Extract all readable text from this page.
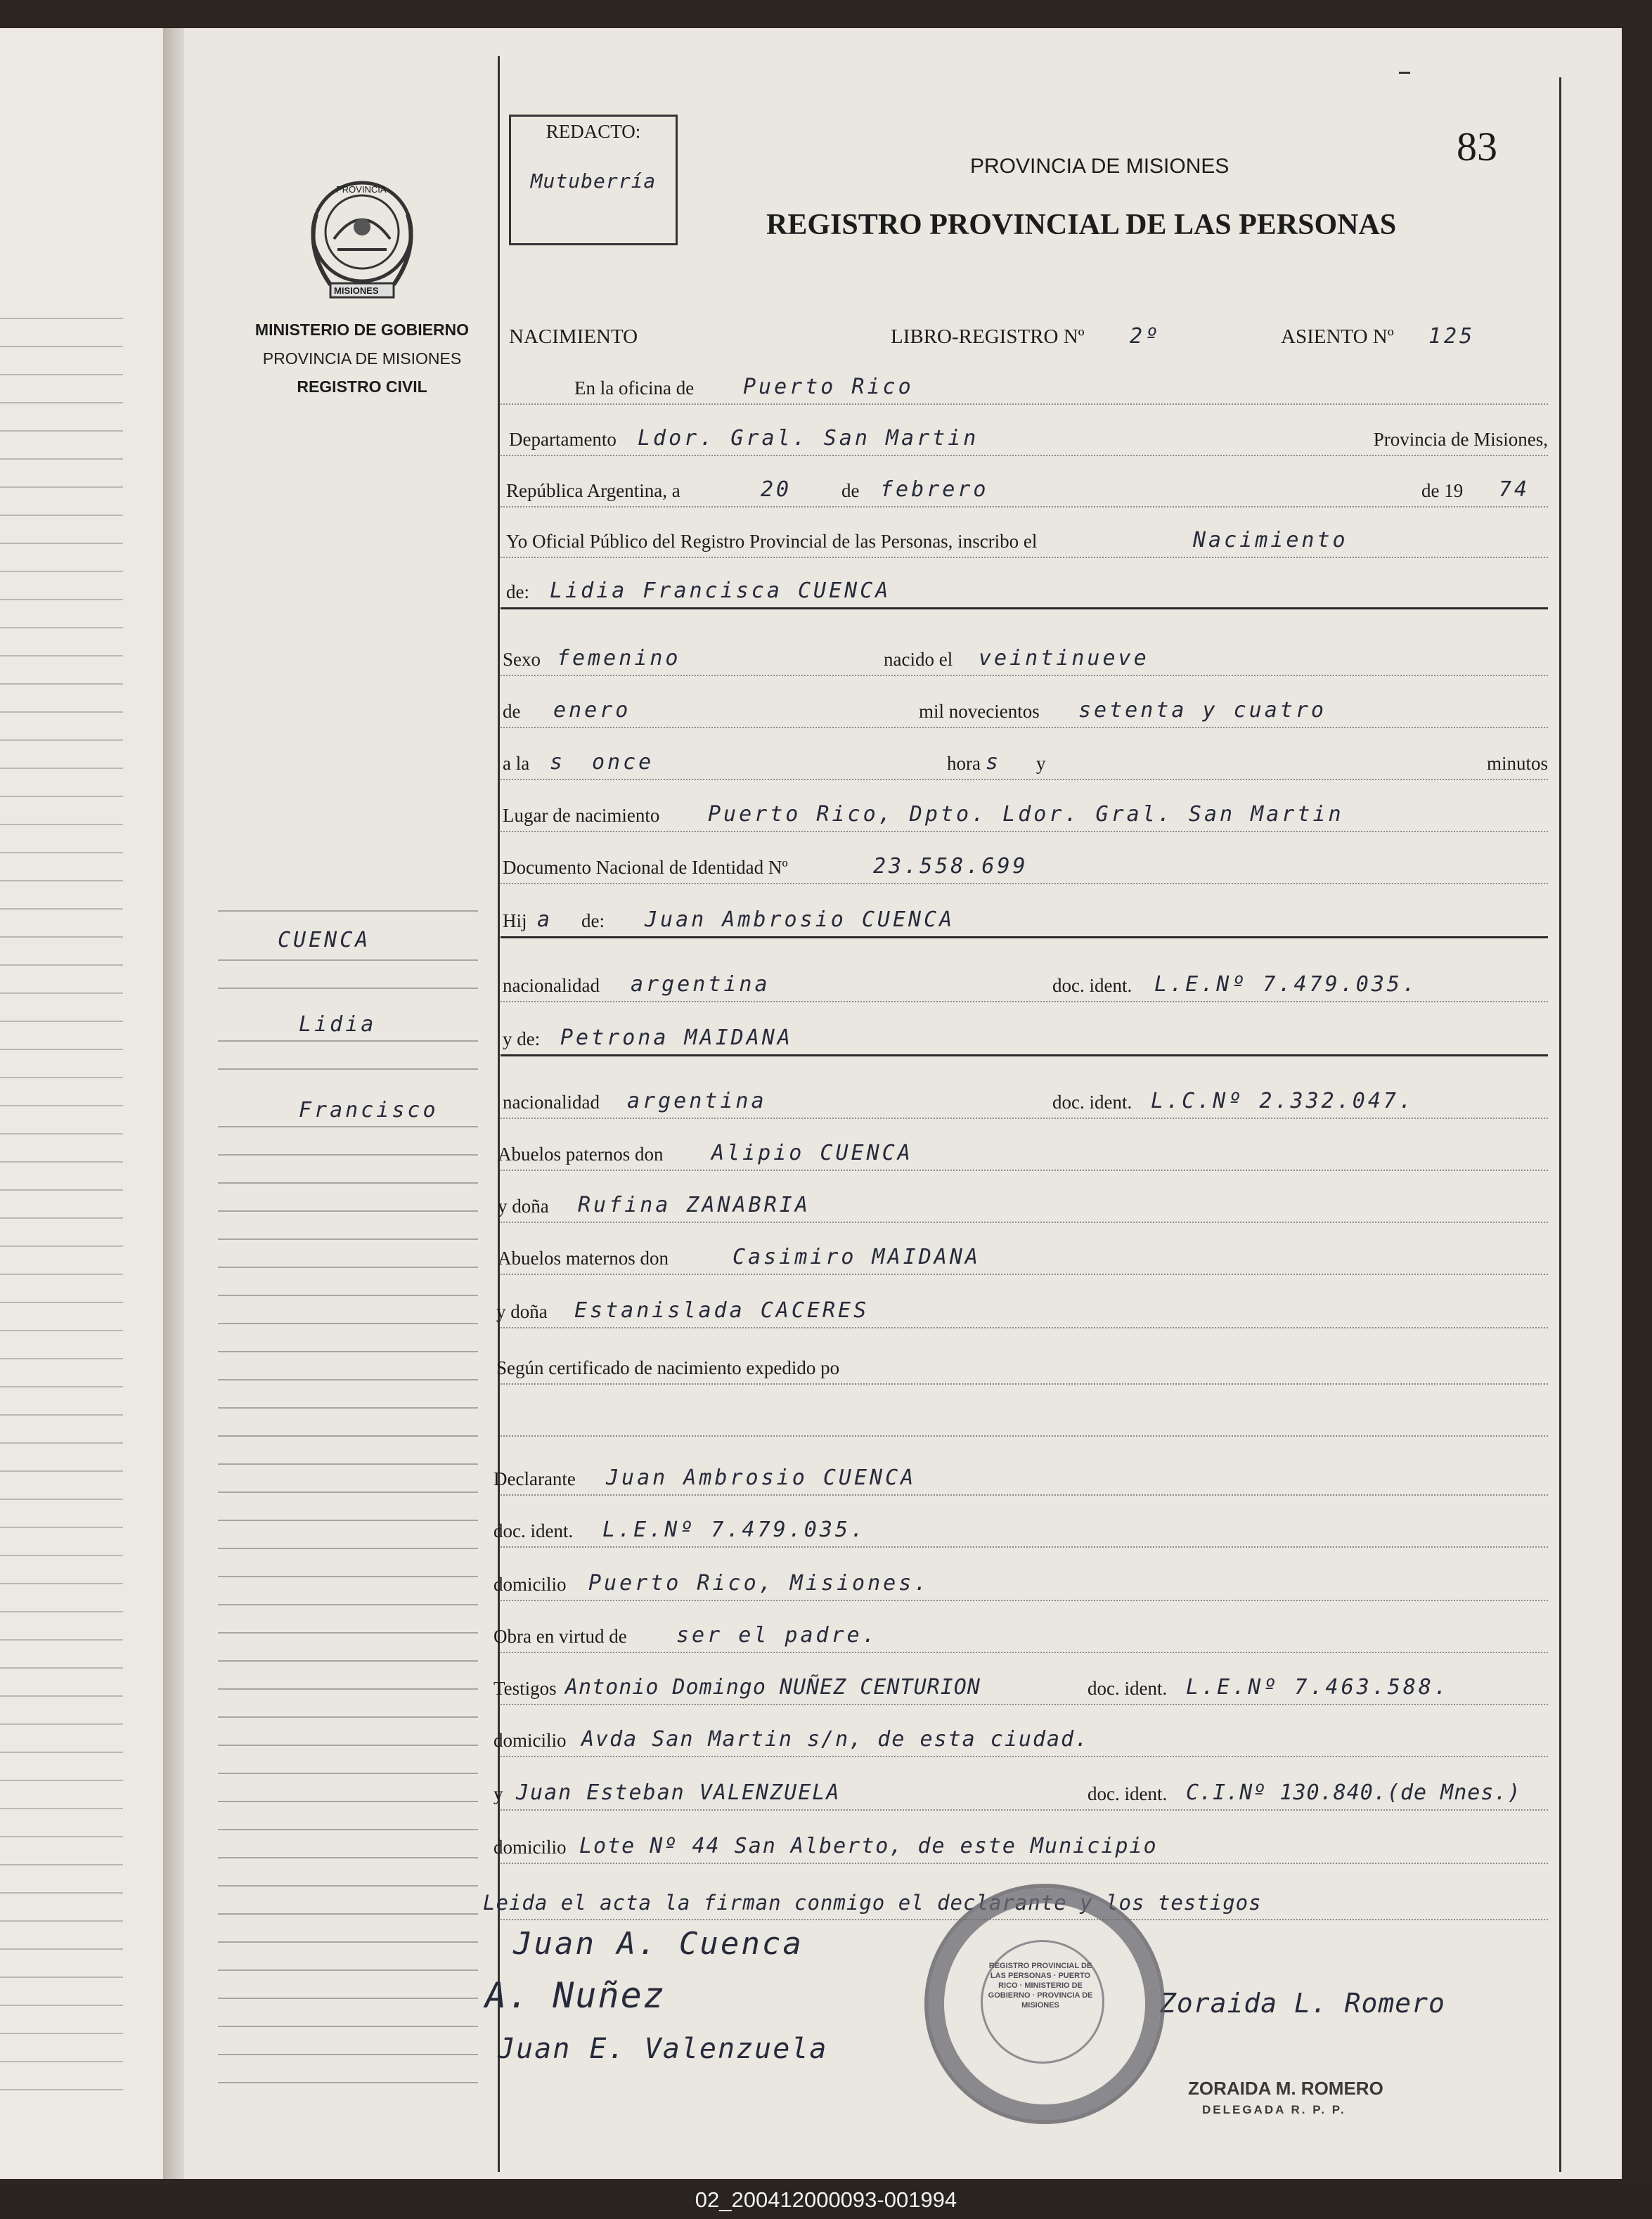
PROVINCIA
MISIONES
MINISTERIO DE GOBIERNO
PROVINCIA DE MISIONES
REGISTRO CIVIL
REDACTO:
Mutuberría
PROVINCIA DE MISIONES
REGISTRO PROVINCIAL DE LAS PERSONAS
83
CUENCA
Lidia
Francisco
NACIMIENTO	LIBRO-REGISTRO Nº 2º	ASIENTO Nº 125
En la oficina de Puerto Rico
Departamento Ldor. Gral. San Martin	Provincia de Misiones,
República Argentina, a	20	de febrero	de 19 74
Yo Oficial Público del Registro Provincial de las Personas, inscribo el	Nacimiento
de: Lidia Francisca CUENCA
Sexo femenino	nacido el veintinueve
de enero	mil novecientos setenta y cuatro
a la s once	hora s y	minutos
Lugar de nacimiento Puerto Rico, Dpto. Ldor. Gral. San Martin
Documento Nacional de Identidad Nº	23.558.699
Hij a de: Juan Ambrosio CUENCA
nacionalidad argentina	doc. ident. L.E.Nº 7.479.035.
y de: Petrona MAIDANA
nacionalidad argentina	doc. ident. L.C.Nº 2.332.047.
Abuelos paternos don Alipio CUENCA
y doña Rufina ZANABRIA
Abuelos maternos don	Casimiro MAIDANA
y doña Estanislada CACERES
Según certificado de nacimiento expedido po
Declarante Juan Ambrosio CUENCA
doc. ident. L.E.Nº 7.479.035.
domicilio Puerto Rico, Misiones.
Obra en virtud de ser el padre.
Testigos Antonio Domingo NUÑEZ CENTURION	doc. ident. L.E.Nº 7.463.588.
domicilio Avda San Martin s/n, de esta ciudad.
y Juan Esteban VALENZUELA	doc. ident. C.I.Nº 130.840.(de Mnes.)
domicilio Lote Nº 44 San Alberto, de este Municipio
Leida el acta la firman conmigo el declarante y los testigos
Juan A. Cuenca
A. Nuñez
Juan E. Valenzuela
Zoraida L. Romero
REGISTRO PROVINCIAL DE LAS PERSONAS · PUERTO RICO · MINISTERIO DE GOBIERNO · PROVINCIA DE MISIONES
ZORAIDA M. ROMERO
DELEGADA R. P. P.
02_200412000093-001994
